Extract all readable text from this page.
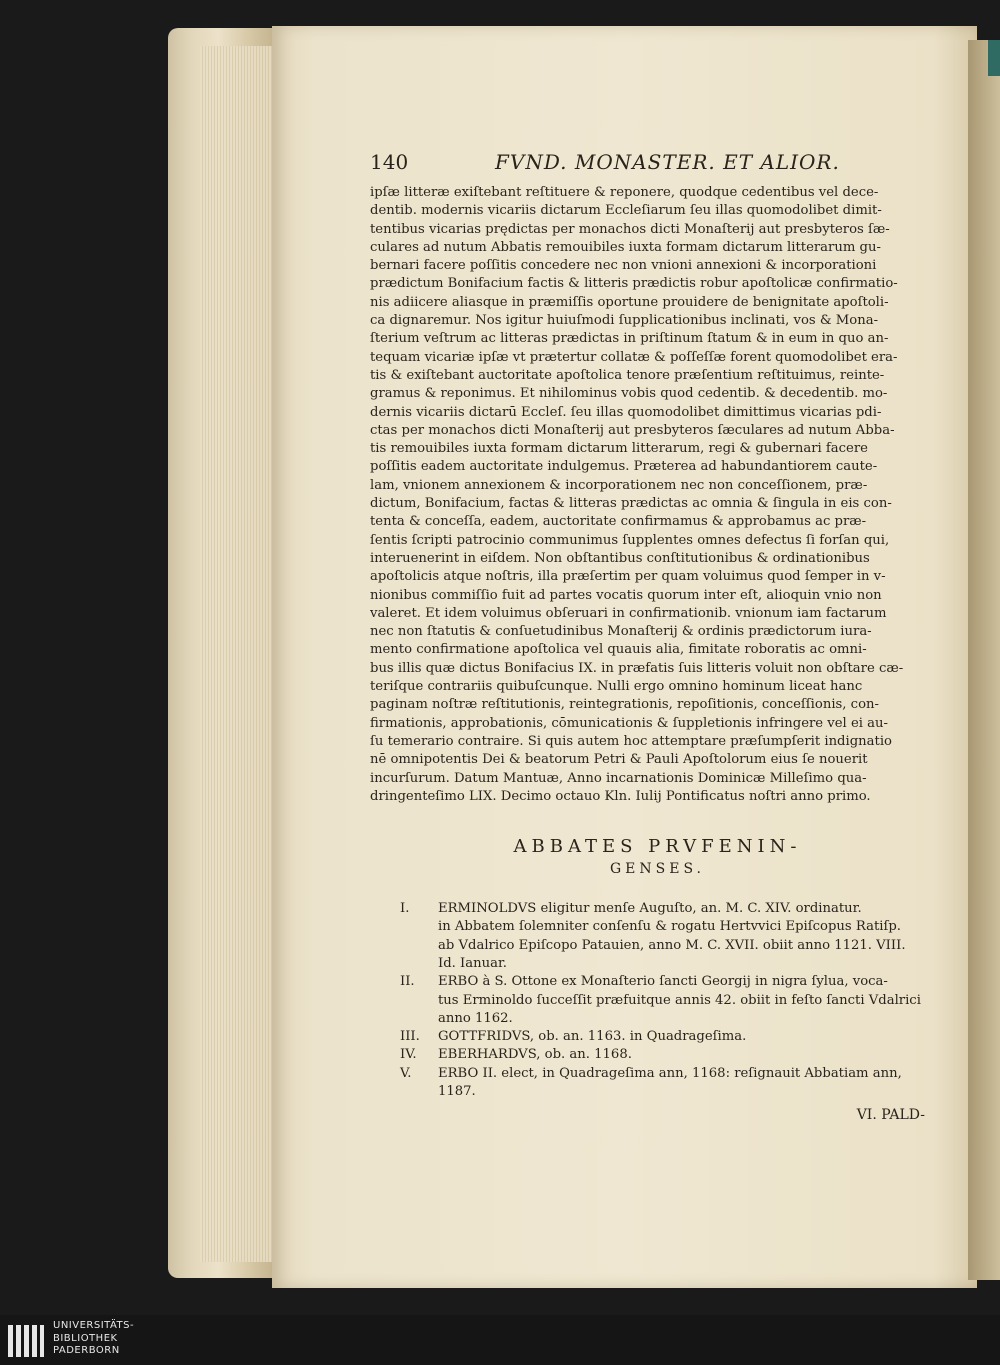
140	FVND. MONASTER. ET ALIOR.
ipſæ litteræ exiſtebant reſtituere & reponere, quodque cedentibus vel dece-
dentib. modernis vicariis dictarum Eccleſiarum ſeu illas quomodolibet dimit-
tentibus vicarias prędictas per monachos dicti Monaſterij aut presbyteros ſæ-
culares ad nutum Abbatis remouibiles iuxta formam dictarum litterarum gu-
bernari facere poſſitis concedere nec non vnioni annexioni & incorporationi
prædictum Bonifacium factis & litteris prædictis robur apoſtolicæ confirmatio-
nis adiicere aliasque in præmiſſis oportune prouidere de benignitate apoſtoli-
ca dignaremur. Nos igitur huiuſmodi ſupplicationibus inclinati, vos & Mona-
ſterium veſtrum ac litteras prædictas in priſtinum ſtatum & in eum in quo an-
tequam vicariæ ipſæ vt prætertur collatæ & poſſeſſæ forent quomodolibet era-
tis & exiſtebant auctoritate apoſtolica tenore præſentium reſtituimus, reinte-
gramus & reponimus. Et nihilominus vobis quod cedentib. & decedentib. mo-
dernis vicariis dictarū Eccleſ. ſeu illas quomodolibet dimittimus vicarias pdi-
ctas per monachos dicti Monaſterij aut presbyteros ſæculares ad nutum Abba-
tis remouibiles iuxta formam dictarum litterarum, regi & gubernari facere
poſſitis eadem auctoritate indulgemus. Præterea ad habundantiorem caute-
lam, vnionem annexionem & incorporationem nec non conceſſionem, præ-
dictum, Bonifacium, factas & litteras prædictas ac omnia & ſingula in eis con-
tenta & conceſſa, eadem, auctoritate confirmamus & approbamus ac præ-
ſentis ſcripti patrocinio communimus ſupplentes omnes defectus ſi forſan qui,
interuenerint in eiſdem. Non obſtantibus conſtitutionibus & ordinationibus
apoſtolicis atque noſtris, illa præſertim per quam voluimus quod ſemper in v-
nionibus commiſſio fuit ad partes vocatis quorum inter eſt, alioquin vnio non
valeret. Et idem voluimus obſeruari in confirmationib. vnionum iam factarum
nec non ſtatutis & conſuetudinibus Monaſterij & ordinis prædictorum iura-
mento confirmatione apoſtolica vel quauis alia, fimitate roboratis ac omni-
bus illis quæ dictus Bonifacius IX. in præfatis ſuis litteris voluit non obſtare cæ-
teriſque contrariis quibuſcunque. Nulli ergo omnino hominum liceat hanc
paginam noſtræ reſtitutionis, reintegrationis, repoſitionis, conceſſionis, con-
firmationis, approbationis, cōmunicationis & ſuppletionis infringere vel ei au-
ſu temerario contraire. Si quis autem hoc attemptare præſumpſerit indignatio
nē omnipotentis Dei & beatorum Petri & Pauli Apoſtolorum eius ſe nouerit
incurſurum. Datum Mantuæ, Anno incarnationis Dominicæ Milleſimo qua-
dringenteſimo LIX. Decimo octauo Kln. Iulij Pontificatus noſtri anno primo.
ABBATES PRVFENIN-
GENSES.
I. ERMINOLDVS eligitur menſe Auguſto, an. M. C. XIV. ordinatur.
in Abbatem ſolemniter conſenſu & rogatu Hertvvici Epiſcopus Ratiſp.
ab Vdalrico Epiſcopo Patauien, anno M. C. XVII. obiit anno 1121. VIII.
Id. Ianuar.
II. ERBO à S. Ottone ex Monaſterio ſancti Georgij in nigra ſylua, voca-
tus Erminoldo ſucceſſit præfuitque annis 42. obiit in feſto ſancti Vdalrici
anno 1162.
III. GOTTFRIDVS, ob. an. 1163. in Quadrageſima.
IV. EBERHARDVS, ob. an. 1168.
V. ERBO II. elect, in Quadrageſima ann, 1168: reſignauit Abbatiam ann,
1187.
VI. PALD-
UNIVERSITÄTS-
BIBLIOTHEK
PADERBORN
